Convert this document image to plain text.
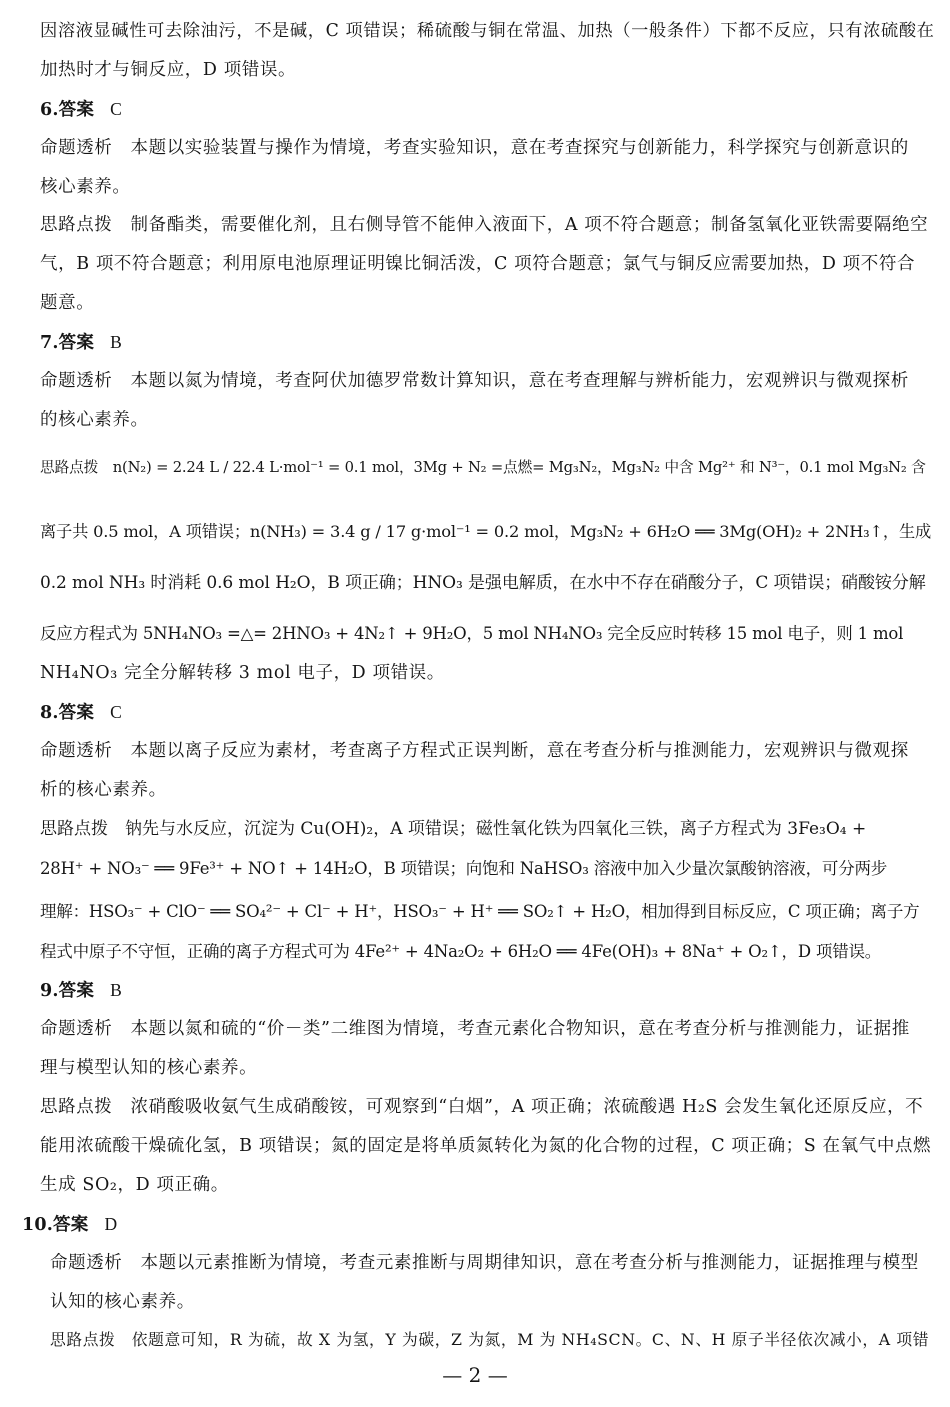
因溶液显碱性可去除油污，不是碱，C 项错误；稀硫酸与铜在常温、加热（一般条件）下都不反应，只有浓硫酸在
加热时才与铜反应，D 项错误。
6.答案 C
命题透析　本题以实验装置与操作为情境，考查实验知识，意在考查探究与创新能力，科学探究与创新意识的
核心素养。
思路点拨　制备酯类，需要催化剂，且右侧导管不能伸入液面下，A 项不符合题意；制备氢氧化亚铁需要隔绝空
气，B 项不符合题意；利用原电池原理证明镍比铜活泼，C 项符合题意；氯气与铜反应需要加热，D 项不符合
题意。
7.答案 B
命题透析　本题以氮为情境，考查阿伏加德罗常数计算知识，意在考查理解与辨析能力，宏观辨识与微观探析
的核心素养。
思路点拨　n(N₂) = 2.24 L / 22.4 L·mol⁻¹ = 0.1 mol，3Mg + N₂ =点燃= Mg₃N₂，Mg₃N₂ 中含 Mg²⁺ 和 N³⁻，0.1 mol Mg₃N₂ 含
离子共 0.5 mol，A 项错误；n(NH₃) = 3.4 g / 17 g·mol⁻¹ = 0.2 mol，Mg₃N₂ + 6H₂O ══ 3Mg(OH)₂ + 2NH₃↑，生成
0.2 mol NH₃ 时消耗 0.6 mol H₂O，B 项正确；HNO₃ 是强电解质，在水中不存在硝酸分子，C 项错误；硝酸铵分解
反应方程式为 5NH₄NO₃ =△= 2HNO₃ + 4N₂↑ + 9H₂O，5 mol NH₄NO₃ 完全反应时转移 15 mol 电子，则 1 mol
NH₄NO₃ 完全分解转移 3 mol 电子，D 项错误。
8.答案 C
命题透析　本题以离子反应为素材，考查离子方程式正误判断，意在考查分析与推测能力，宏观辨识与微观探
析的核心素养。
思路点拨　钠先与水反应，沉淀为 Cu(OH)₂，A 项错误；磁性氧化铁为四氧化三铁，离子方程式为 3Fe₃O₄ +
28H⁺ + NO₃⁻ ══ 9Fe³⁺ + NO↑ + 14H₂O，B 项错误；向饱和 NaHSO₃ 溶液中加入少量次氯酸钠溶液，可分两步
理解：HSO₃⁻ + ClO⁻ ══ SO₄²⁻ + Cl⁻ + H⁺，HSO₃⁻ + H⁺ ══ SO₂↑ + H₂O，相加得到目标反应，C 项正确；离子方
程式中原子不守恒，正确的离子方程式可为 4Fe²⁺ + 4Na₂O₂ + 6H₂O ══ 4Fe(OH)₃ + 8Na⁺ + O₂↑，D 项错误。
9.答案 B
命题透析　本题以氮和硫的“价－类”二维图为情境，考查元素化合物知识，意在考查分析与推测能力，证据推
理与模型认知的核心素养。
思路点拨　浓硝酸吸收氨气生成硝酸铵，可观察到“白烟”，A 项正确；浓硫酸遇 H₂S 会发生氧化还原反应，不
能用浓硫酸干燥硫化氢，B 项错误；氮的固定是将单质氮转化为氮的化合物的过程，C 项正确；S 在氧气中点燃
生成 SO₂，D 项正确。
10.答案 D
命题透析　本题以元素推断为情境，考查元素推断与周期律知识，意在考查分析与推测能力，证据推理与模型
认知的核心素养。
思路点拨　依题意可知，R 为硫，故 X 为氢，Y 为碳，Z 为氮，M 为 NH₄SCN。C、N、H 原子半径依次减小，A 项错
— 2 —
